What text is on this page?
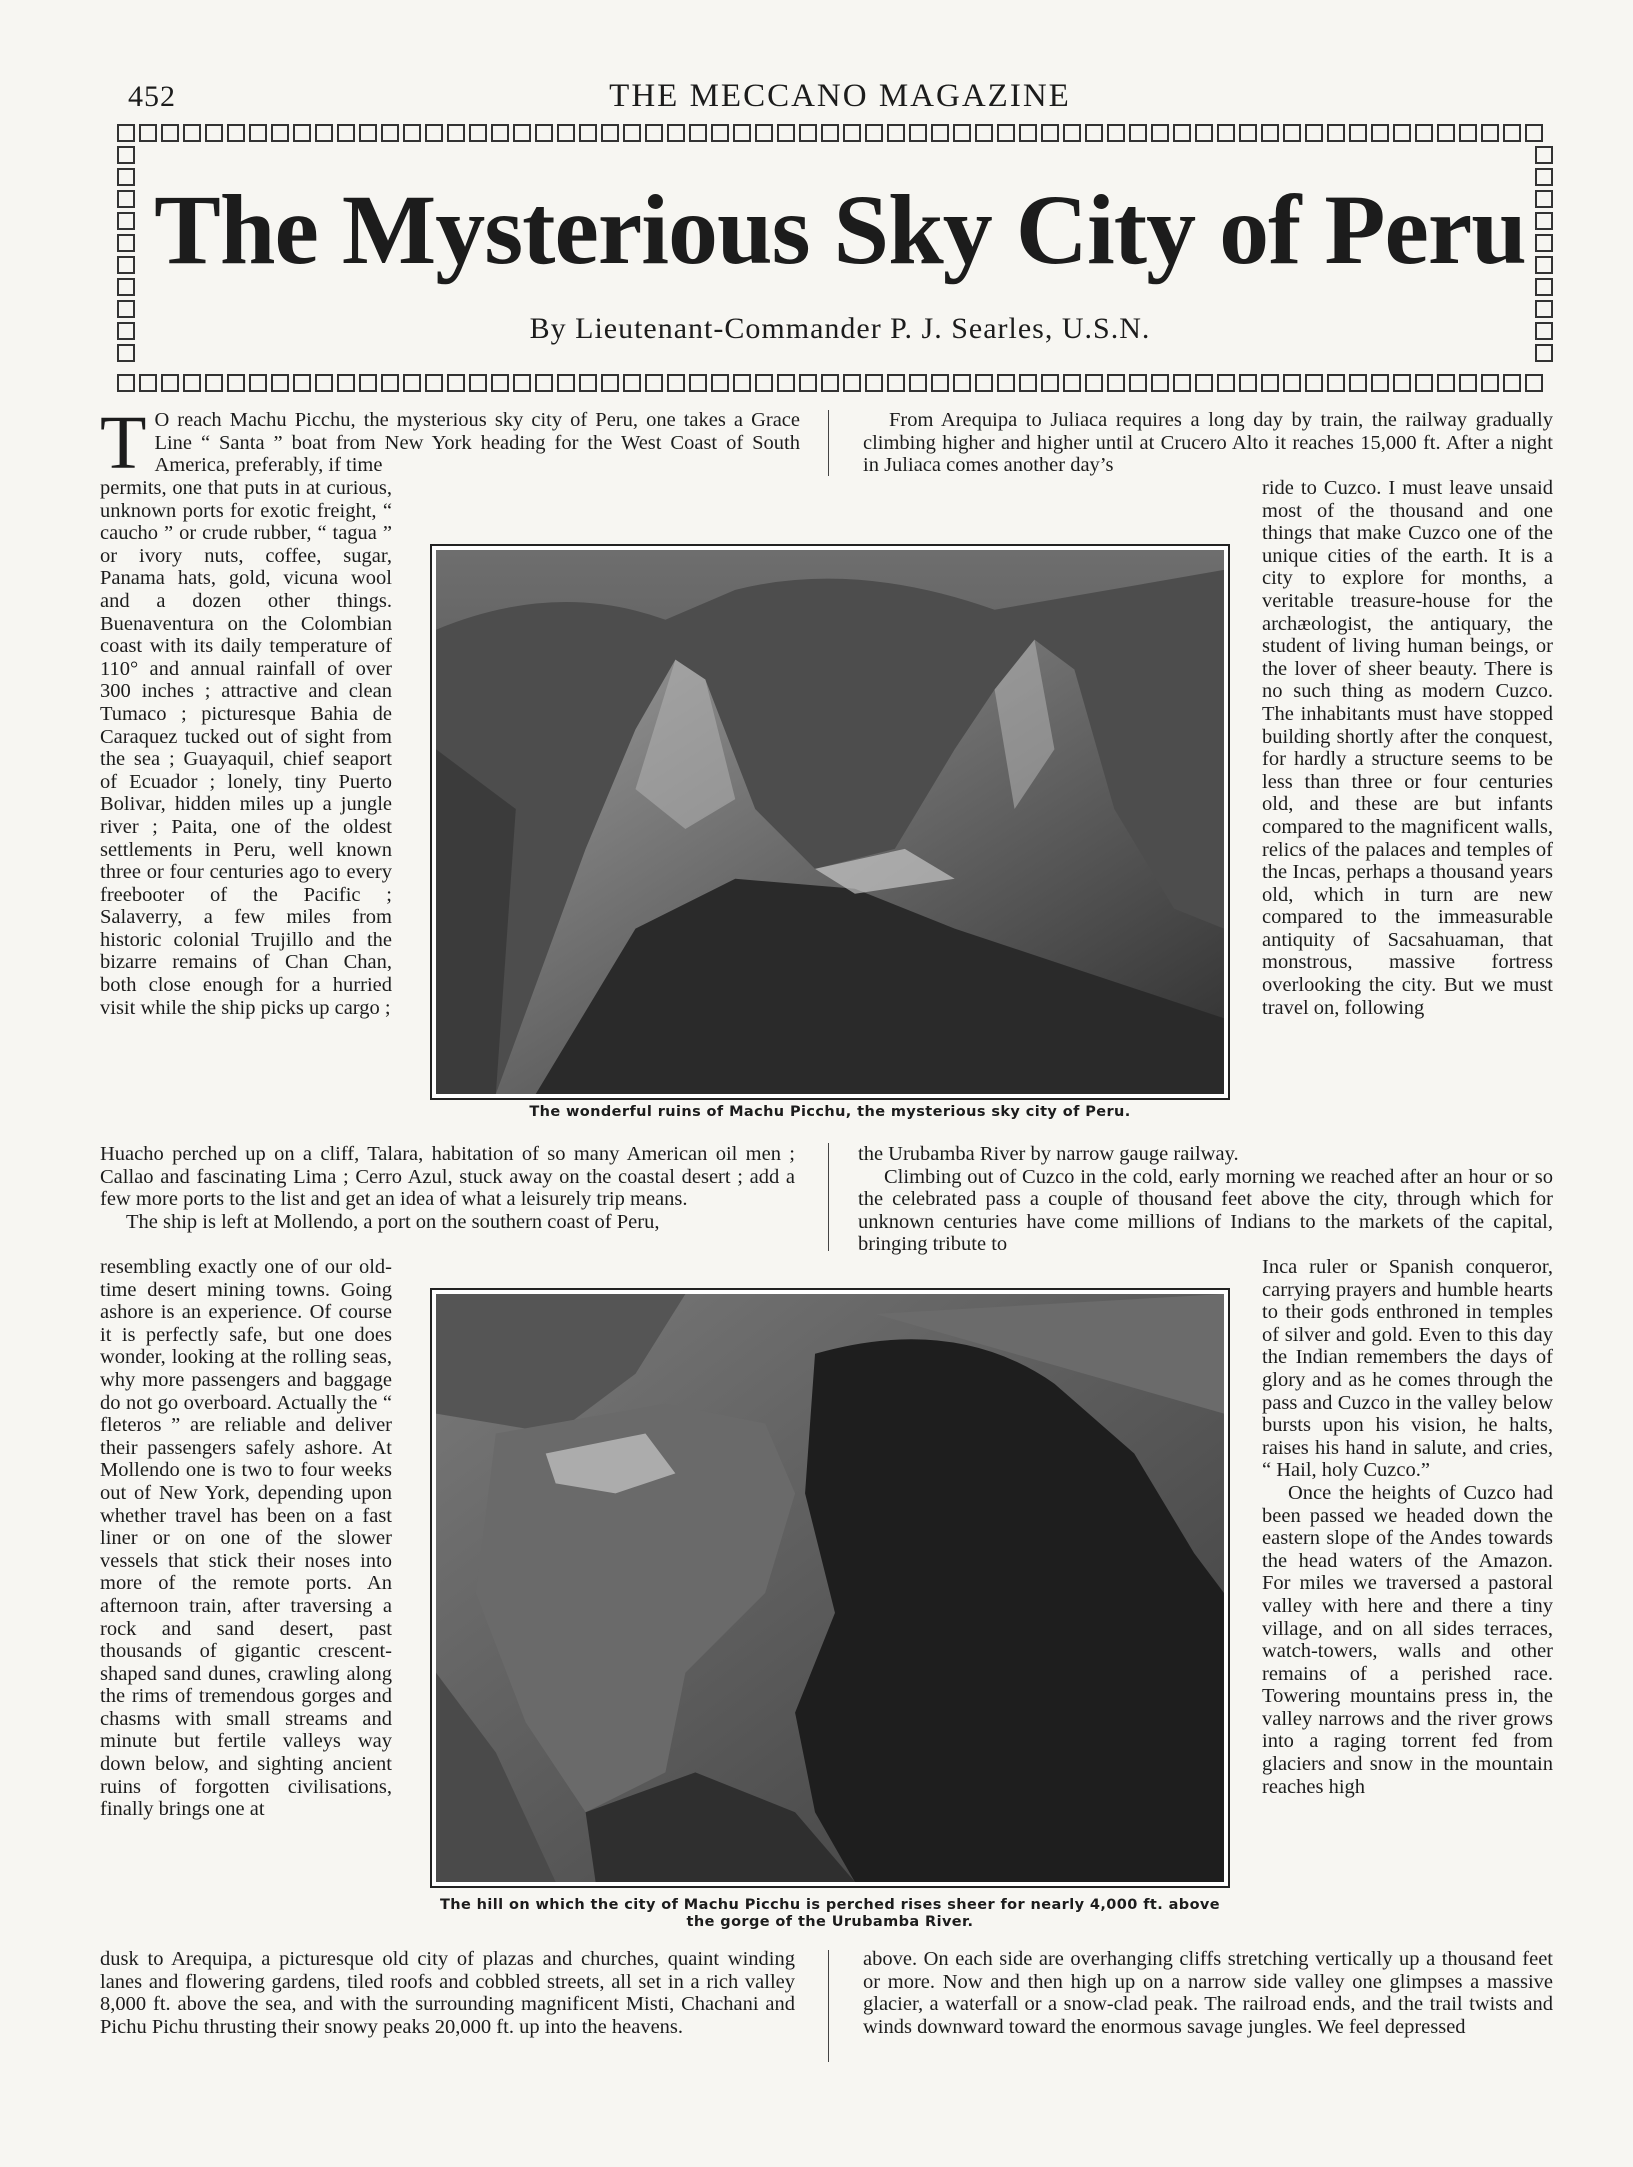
452	THE MECCANO MAGAZINE
The Mysterious Sky City of Peru
By Lieutenant-Commander P. J. Searles, U.S.N.

T O reach Machu Picchu, the mysterious sky city of Peru, one takes a Grace Line “ Santa ” boat from New York heading for the West Coast of South America, preferably, if time

permits, one that puts in at curious, unknown ports for exotic freight, “ caucho ” or crude rubber, “ tagua ” or ivory nuts, coffee, sugar, Panama hats, gold, vicuna wool and a dozen other things. Buenaventura on the Colombian coast with its daily temperature of 110° and annual rainfall of over 300 inches ; attractive and clean Tumaco ; picturesque Bahia de Caraquez tucked out of sight from the sea ; Guayaquil, chief seaport of Ecuador ; lonely, tiny Puerto Bolivar, hidden miles up a jungle river ; Paita, one of the oldest settlements in Peru, well known three or four centuries ago to every freebooter of the Pacific ; Salaverry, a few miles from historic colonial Trujillo and the bizarre remains of Chan Chan, both close enough for a hurried visit while the ship picks up cargo ;

Huacho perched up on a cliff, Talara, habitation of so many American oil men ; Callao and fascinating Lima ; Cerro Azul, stuck away on the coastal desert ; add a few more ports to the list and get an idea of what a leisurely trip means.

The ship is left at Mollendo, a port on the southern coast of Peru,

resembling exactly one of our old-time desert mining towns. Going ashore is an experience. Of course it is perfectly safe, but one does wonder, looking at the rolling seas, why more passengers and baggage do not go overboard. Actually the “ fleteros ” are reliable and deliver their passengers safely ashore. At Mollendo one is two to four weeks out of New York, depending upon whether travel has been on a fast liner or on one of the slower vessels that stick their noses into more of the remote ports. An afternoon train, after traversing a rock and sand desert, past thousands of gigantic crescent-shaped sand dunes, crawling along the rims of tremendous gorges and chasms with small streams and minute but fertile valleys way down below, and sighting ancient ruins of forgotten civilisations, finally brings one at

dusk to Arequipa, a picturesque old city of plazas and churches, quaint winding lanes and flowering gardens, tiled roofs and cobbled streets, all set in a rich valley 8,000 ft. above the sea, and with the surrounding magnificent Misti, Chachani and Pichu Pichu thrusting their snowy peaks 20,000 ft. up into the heavens.

From Arequipa to Juliaca requires a long day by train, the railway gradually climbing higher and higher until at Crucero Alto it reaches 15,000 ft. After a night in Juliaca comes another day’s

ride to Cuzco. I must leave unsaid most of the thousand and one things that make Cuzco one of the unique cities of the earth. It is a city to explore for months, a veritable treasure-house for the archæologist, the antiquary, the student of living human beings, or the lover of sheer beauty. There is no such thing as modern Cuzco. The inhabitants must have stopped building shortly after the conquest, for hardly a structure seems to be less than three or four centuries old, and these are but infants compared to the magnificent walls, relics of the palaces and temples of the Incas, perhaps a thousand years old, which in turn are new compared to the immeasurable antiquity of Sacsahuaman, that monstrous, massive fortress overlooking the city. But we must travel on, following

the Urubamba River by narrow gauge railway.

Climbing out of Cuzco in the cold, early morning we reached after an hour or so the celebrated pass a couple of thousand feet above the city, through which for unknown centuries have come millions of Indians to the markets of the capital, bringing tribute to

Inca ruler or Spanish conqueror, carrying prayers and humble hearts to their gods enthroned in temples of silver and gold. Even to this day the Indian remembers the days of glory and as he comes through the pass and Cuzco in the valley below bursts upon his vision, he halts, raises his hand in salute, and cries, “ Hail, holy Cuzco.”

Once the heights of Cuzco had been passed we headed down the eastern slope of the Andes towards the head waters of the Amazon. For miles we traversed a pastoral valley with here and there a tiny village, and on all sides terraces, watch-towers, walls and other remains of a perished race. Towering mountains press in, the valley narrows and the river grows into a raging torrent fed from glaciers and snow in the mountain reaches high

above. On each side are overhanging cliffs stretching vertically up a thousand feet or more. Now and then high up on a narrow side valley one glimpses a massive glacier, a waterfall or a snow-clad peak. The railroad ends, and the trail twists and winds downward toward the enormous savage jungles. We feel depressed

The wonderful ruins of Machu Picchu, the mysterious sky city of Peru.
The hill on which the city of Machu Picchu is perched rises sheer for nearly 4,000 ft. above the gorge of the Urubamba River.
